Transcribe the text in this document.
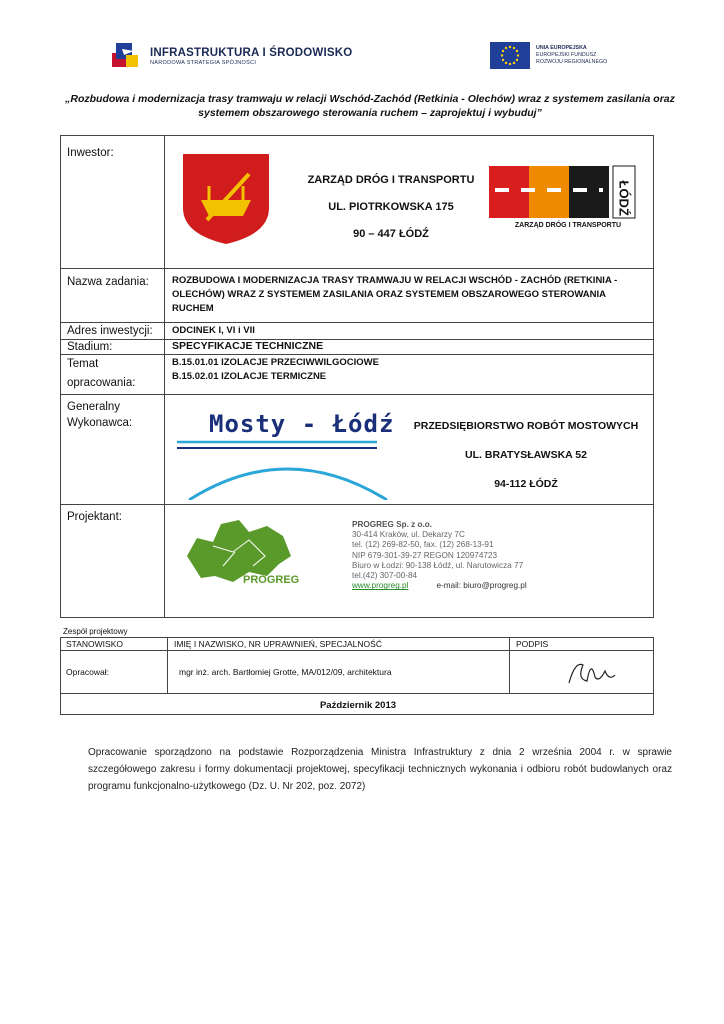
INFRASTRUKTURA I ŚRODOWISKO
NARODOWA STRATEGIA SPÓJNOŚCI
UNIA EUROPEJSKA
EUROPEJSKI FUNDUSZ
ROZWOJU REGIONALNEGO
„Rozbudowa i modernizacja trasy tramwaju w relacji Wschód-Zachód (Retkinia - Olechów) wraz z systemem zasilania oraz
systemem obszarowego sterowania ruchem – zaprojektuj i wybuduj”
Inwestor:
ZARZĄD DRÓG I TRANSPORTU
UL. PIOTRKOWSKA 175
90 – 447 ŁÓDŹ
ŁÓDŹ
ZARZĄD DRÓG I TRANSPORTU
Nazwa zadania: ROZBUDOWA I MODERNIZACJA TRASY TRAMWAJU W RELACJI WSCHÓD - ZACHÓD (RETKINIA -
OLECHÓW) WRAZ Z SYSTEMEM ZASILANIA ORAZ SYSTEMEM OBSZAROWEGO STEROWANIA
RUCHEM
Adres inwestycji: ODCINEK I, VI i VII
Stadium:	SPECYFIKACJE TECHNICZNE
Temat
opracowania:
B.15.01.01 IZOLACJE PRZECIWWILGOCIOWE
B.15.02.01 IZOLACJE TERMICZNE
Generalny
Wykonawca:	Mosty - Łódź	PRZEDSIĘBIORSTWO ROBÓT MOSTOWYCH
UL. BRATYSŁAWSKA 52
94-112 ŁÓDŹ
Projektant:
PROGREG
PROGREG Sp. z o.o.
30-414 Kraków, ul. Dekarzy 7C
tel. (12) 269-82-50, fax. (12) 268-13-91
NIP 679-301-39-27 REGON 120974723
Biuro w Łodzi: 90-138 Łódź, ul. Narutowicza 77
tel.(42) 307-00-84
www.progreg.pl	e-mail: biuro@progreg.pl
Zespół projektowy
STANOWISKO	IMIĘ I NAZWISKO, NR UPRAWNIEŃ, SPECJALNOŚĆ	PODPIS
Opracował:	mgr inż. arch. Bartłomiej Grotte, MA/012/09, architektura
Październik 2013
Opracowanie sporządzono na podstawie Rozporządzenia Ministra Infrastruktury z dnia 2 września 2004 r. w sprawie szczegółowego zakresu i formy dokumentacji projektowej, specyfikacji technicznych wykonania i odbioru robót budowlanych oraz programu funkcjonalno-użytkowego (Dz. U. Nr 202, poz. 2072)
